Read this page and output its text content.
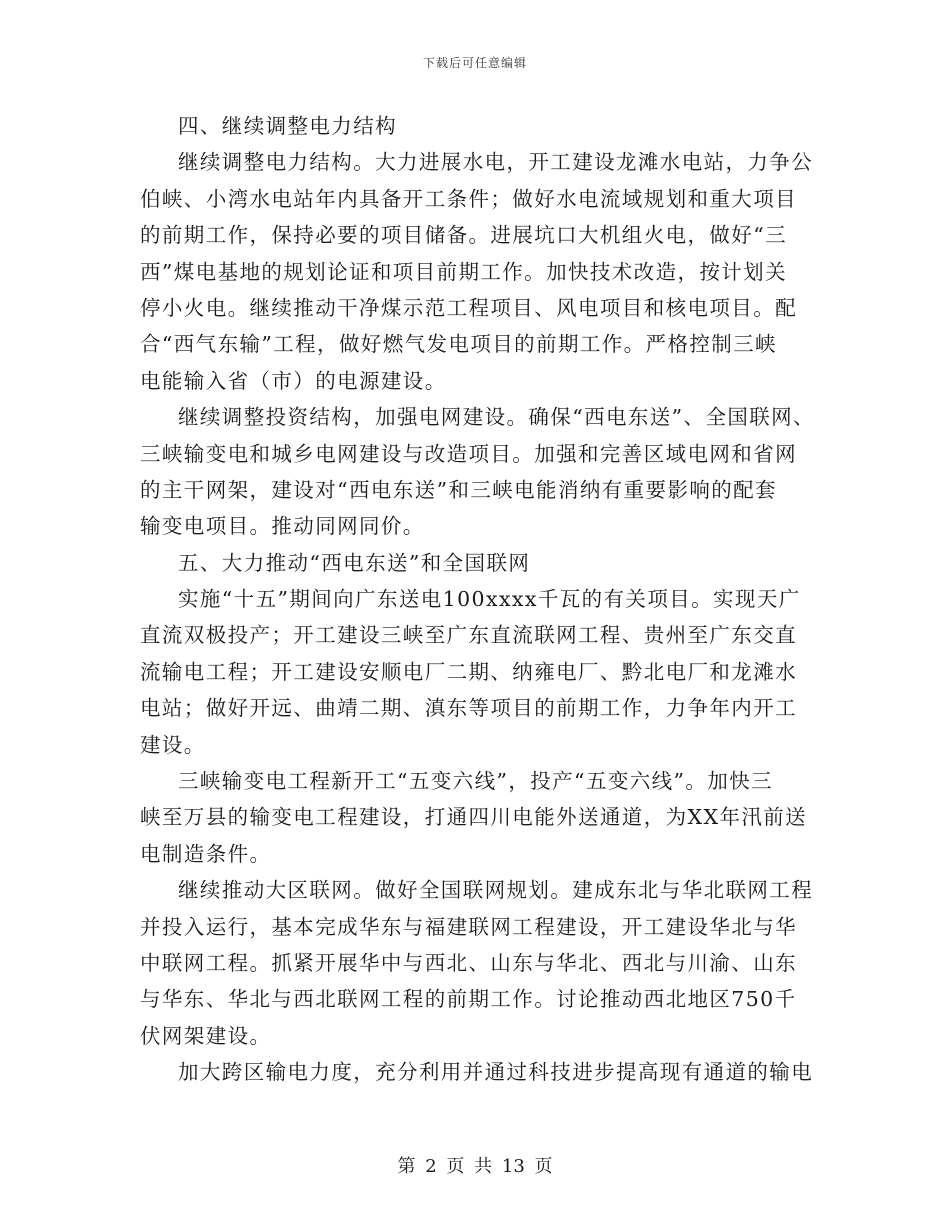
下载后可任意编辑
四、继续调整电力结构
继续调整电力结构。大力进展水电，开工建设龙滩水电站，力争公
伯峡、小湾水电站年内具备开工条件；做好水电流域规划和重大项目
的前期工作，保持必要的项目储备。进展坑口大机组火电，做好“三
西”煤电基地的规划论证和项目前期工作。加快技术改造，按计划关
停小火电。继续推动干净煤示范工程项目、风电项目和核电项目。配
合“西气东输”工程，做好燃气发电项目的前期工作。严格控制三峡
电能输入省（市）的电源建设。
继续调整投资结构，加强电网建设。确保“西电东送”、全国联网、
三峡输变电和城乡电网建设与改造项目。加强和完善区域电网和省网
的主干网架，建设对“西电东送”和三峡电能消纳有重要影响的配套
输变电项目。推动同网同价。
五、大力推动“西电东送”和全国联网
实施“十五”期间向广东送电100xxxx千瓦的有关项目。实现天广
直流双极投产；开工建设三峡至广东直流联网工程、贵州至广东交直
流输电工程；开工建设安顺电厂二期、纳雍电厂、黔北电厂和龙滩水
电站；做好开远、曲靖二期、滇东等项目的前期工作，力争年内开工
建设。
三峡输变电工程新开工“五变六线”，投产“五变六线”。加快三
峡至万县的输变电工程建设，打通四川电能外送通道，为XX年汛前送
电制造条件。
继续推动大区联网。做好全国联网规划。建成东北与华北联网工程
并投入运行，基本完成华东与福建联网工程建设，开工建设华北与华
中联网工程。抓紧开展华中与西北、山东与华北、西北与川渝、山东
与华东、华北与西北联网工程的前期工作。讨论推动西北地区750千
伏网架建设。
加大跨区输电力度，充分利用并通过科技进步提高现有通道的输电
第 2 页 共 13 页
